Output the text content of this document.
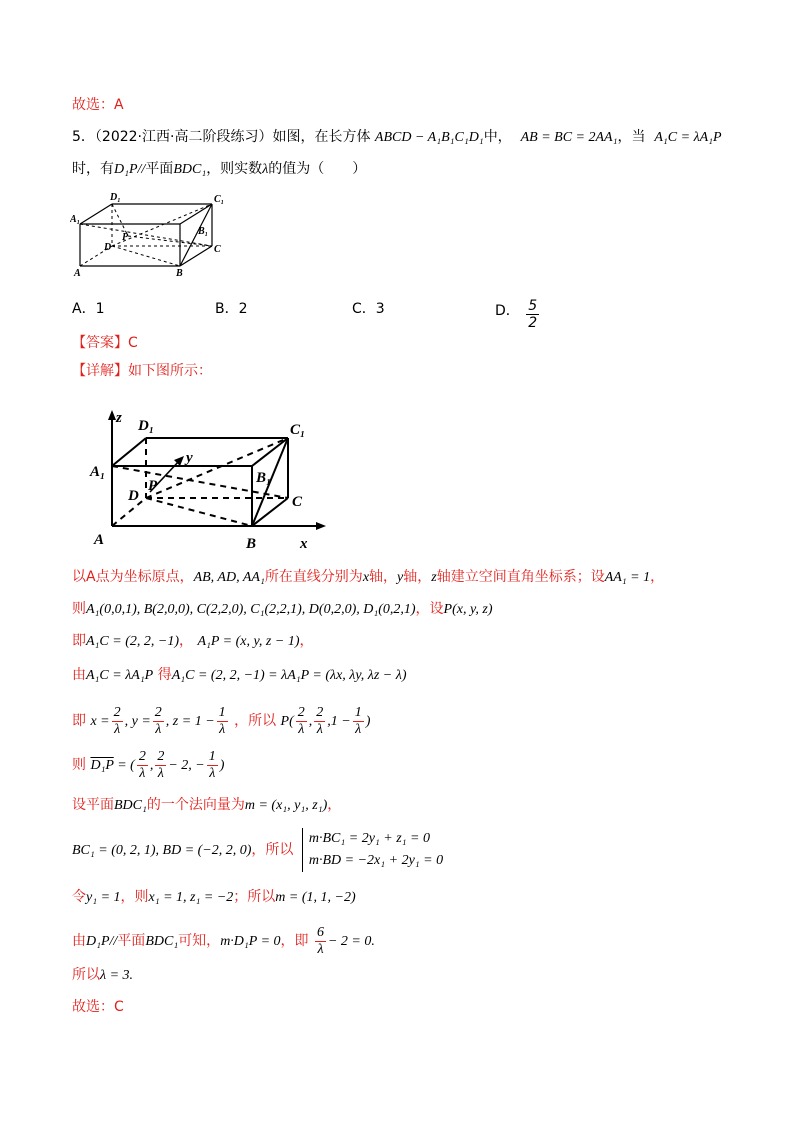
故选：A
5．（2022·江西·高二阶段练习）如图，在长方体 ABCD − A₁B₁C₁D₁中， AB = BC = 2AA₁，当 A₁C = λA₁P
时，有D₁P//平面BDC₁，则实数λ的值为（　　）
A₁
D₁	C₁
B₁
P
D	C
A	B
A．1	B．2	C．3	D． $\frac{5}{2}$
【答案】C
【详解】如下图所示：
z D₁	C₁
A₁
y
B₁
D
P
C
A	B	x
以A点为坐标原点，AB, AD, AA₁所在直线分别为x轴，y轴，z轴建立空间直角坐标系；设AA₁ = 1，
则A₁(0,0,1), B(2,0,0), C(2,2,0), C₁(2,2,1), D(0,2,0), D₁(0,2,1)，设P(x, y, z)
即A₁C = (2, 2, −1)， A₁P = (x, y, z − 1)，
由A₁C = λA₁P 得A₁C = (2, 2, −1) = λA₁P = (λx, λy, λz − λ)
即 $x = \frac{2}{\lambda}$ , $y = \frac{2}{\lambda}$ , $z = 1 - \frac{1}{\lambda}$ ，所以 $P( \frac{2}{\lambda}$ , $\frac{2}{\lambda} ,1 - \frac{1}{\lambda}$ )
则 D₁P = ( $\frac{2}{\lambda}$ , $\frac{2}{\lambda} - 2$, − $\frac{1}{\lambda}$ )
设平面BDC₁的一个法向量为m = (x₁, y₁, z₁)，
BC₁ = (0, 2, 1), BD = (−2, 2, 0)，所以
m·BC₁ = 2y₁ + z₁ = 0
m·BD = −2x₁ + 2y₁ = 0
令y₁ = 1，则x₁ = 1, z₁ = −2；所以m = (1, 1, −2)
由D₁P//平面BDC₁可知，m·D₁P = 0，即 $\frac{6}{\lambda} - 2 = 0$.
所以λ = 3.
故选：C
